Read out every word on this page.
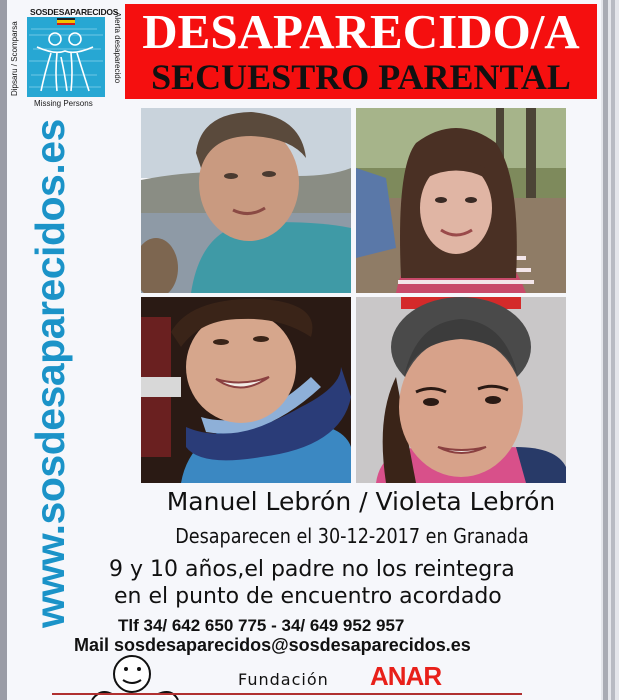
SOSDESAPARECIDOS
Dipsaru / Scomparsa	Alerta desaparecido
Missing Persons
DESAPARECIDO/A
SECUESTRO PARENTAL
www.sosdesaparecidos.es	Manuel Lebrón / Violeta Lebrón
Desaparecen el 30-12-2017 en Granada
9 y 10 años,el padre no los reintegra
en el punto de encuentro acordado
Tlf 34/ 642 650 775 - 34/ 649 952 957
Mail sosdesaparecidos@sosdesaparecidos.es
Fundación ANAR
